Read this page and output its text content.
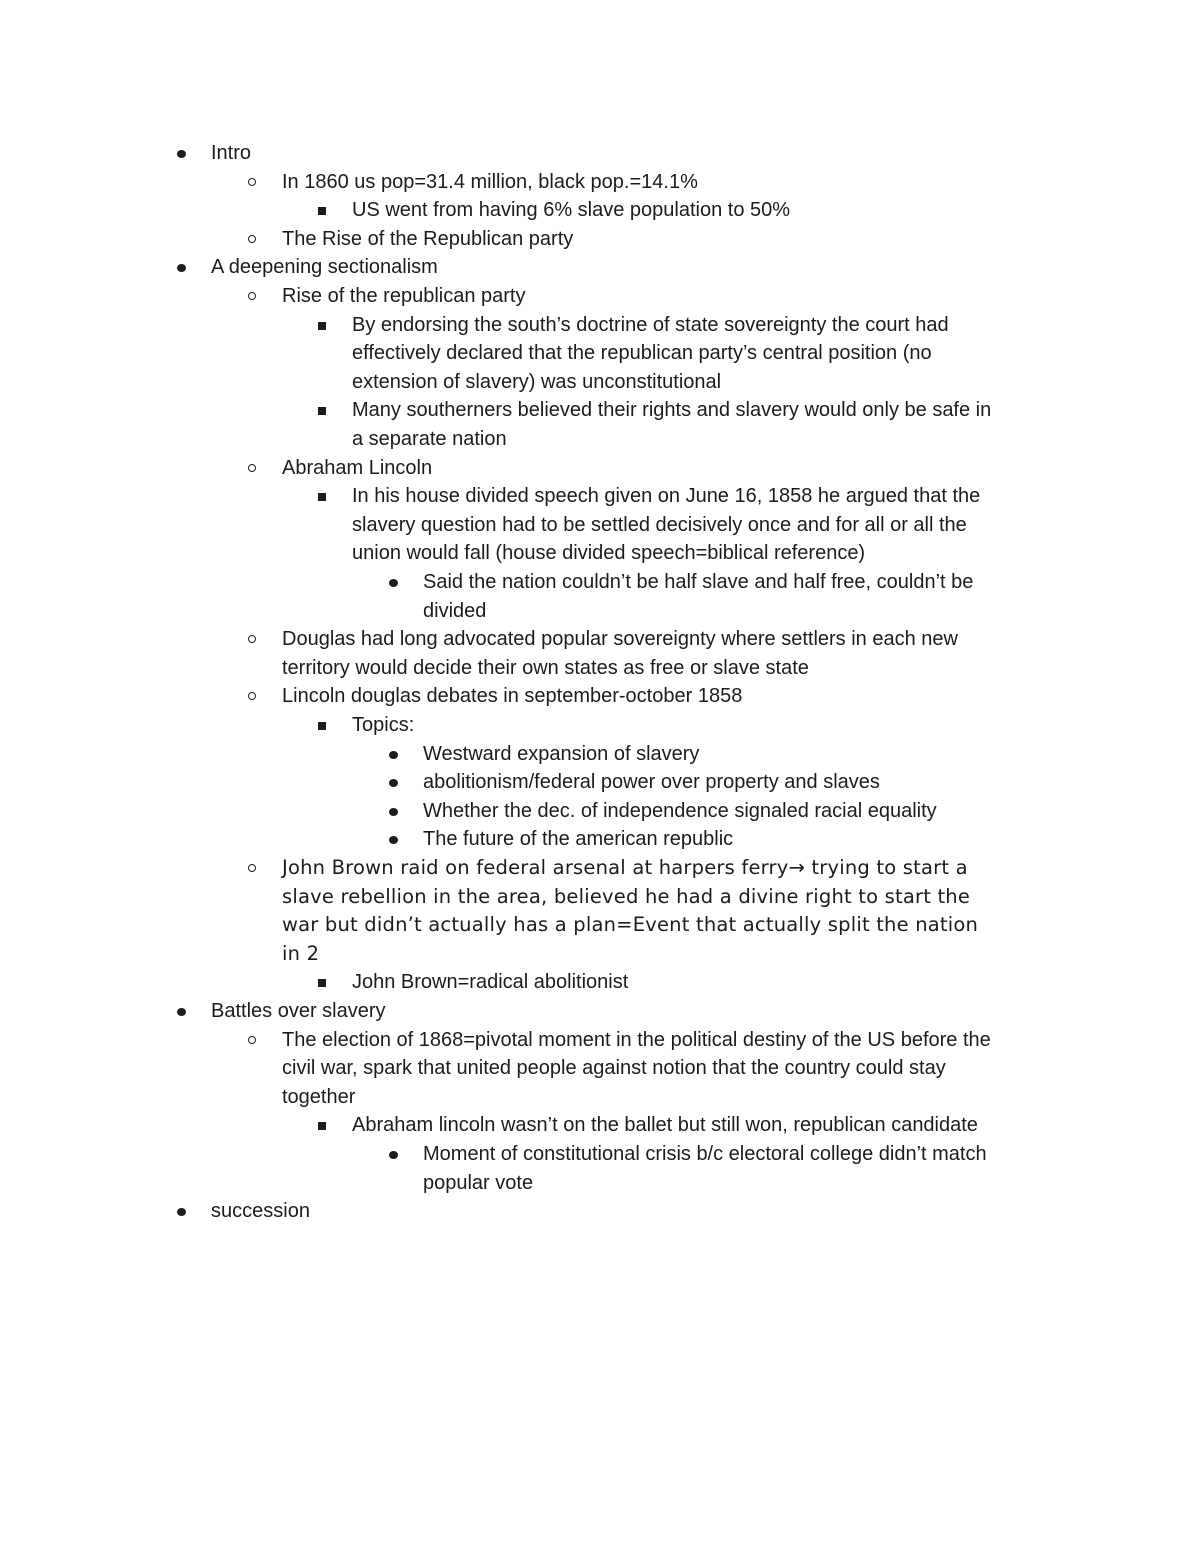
Intro
In 1860 us pop=31.4 million, black pop.=14.1%
US went from having 6% slave population to 50%
The Rise of the Republican party
A deepening sectionalism
Rise of the republican party
By endorsing the south’s doctrine of state sovereignty the court had
effectively declared that the republican party’s central position (no
extension of slavery) was unconstitutional
Many southerners believed their rights and slavery would only be safe in
a separate nation
Abraham Lincoln
In his house divided speech given on June 16, 1858 he argued that the
slavery question had to be settled decisively once and for all or all the
union would fall (house divided speech=biblical reference)
Said the nation couldn’t be half slave and half free, couldn’t be
divided
Douglas had long advocated popular sovereignty where settlers in each new
territory would decide their own states as free or slave state
Lincoln douglas debates in september-october 1858
Topics:
Westward expansion of slavery
abolitionism/federal power over property and slaves
Whether the dec. of independence signaled racial equality
The future of the american republic
John Brown raid on federal arsenal at harpers ferry→ trying to start a
slave rebellion in the area, believed he had a divine right to start the
war but didn’t actually has a plan=Event that actually split the nation
in 2
John Brown=radical abolitionist
Battles over slavery
The election of 1868=pivotal moment in the political destiny of the US before the
civil war, spark that united people against notion that the country could stay
together
Abraham lincoln wasn’t on the ballet but still won, republican candidate
Moment of constitutional crisis b/c electoral college didn’t match
popular vote
succession
